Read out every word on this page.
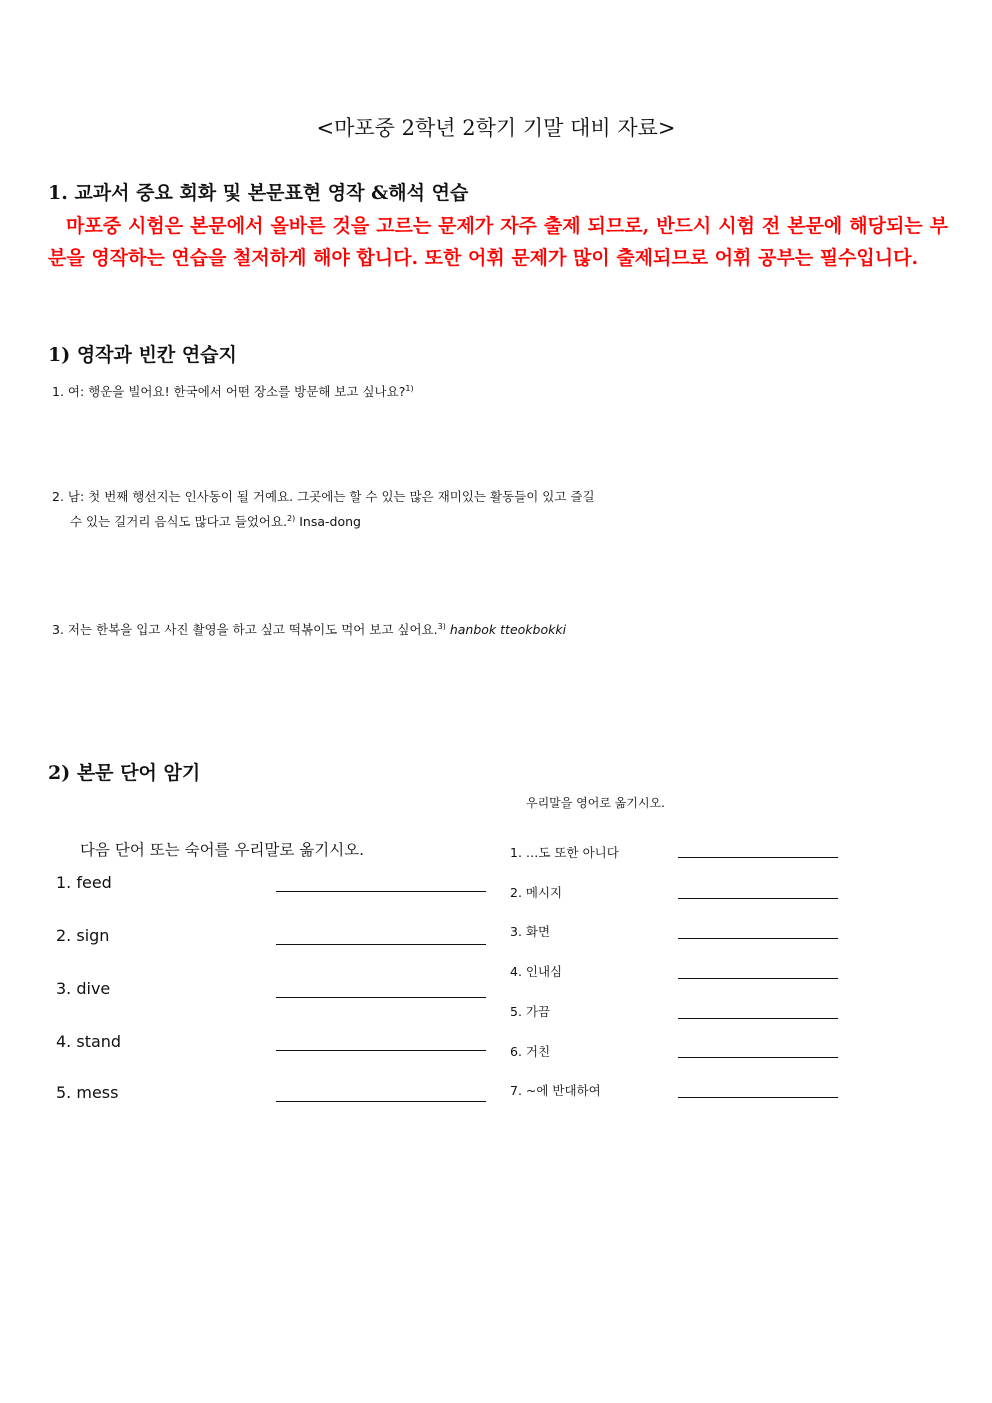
<마포중 2학년 2학기 기말 대비 자료>
1. 교과서 중요 회화 및 본문표현 영작 &해석 연습
마포중 시험은 본문에서 올바른 것을 고르는 문제가 자주 출제 되므로, 반드시 시험 전 본문에 해당되는 부분을 영작하는 연습을 철저하게 해야 합니다. 또한 어휘 문제가 많이 출제되므로 어휘 공부는 필수입니다.
1) 영작과 빈칸 연습지
1. 여: 행운을 빌어요! 한국에서 어떤 장소를 방문해 보고 싶나요?$^{1)}$
2. 남: 첫 번째 행선지는 인사동이 될 거예요. 그곳에는 할 수 있는 많은 재미있는 활동들이 있고 즐길
수 있는 길거리 음식도 많다고 들었어요.$^{2)}$ Insa-dong
3. 저는 한복을 입고 사진 촬영을 하고 싶고 떡볶이도 먹어 보고 싶어요.$^{3)}$ hanbok tteokbokki
2) 본문 단어 암기
우리말을 영어로 옮기시오.
다음 단어 또는 숙어를 우리말로 옮기시오.
1. feed
2. sign
3. dive
4. stand
5. mess
1. …도 또한 아니다
2. 메시지
3. 화면
4. 인내심
5. 가끔
6. 거친
7. ~에 반대하여
